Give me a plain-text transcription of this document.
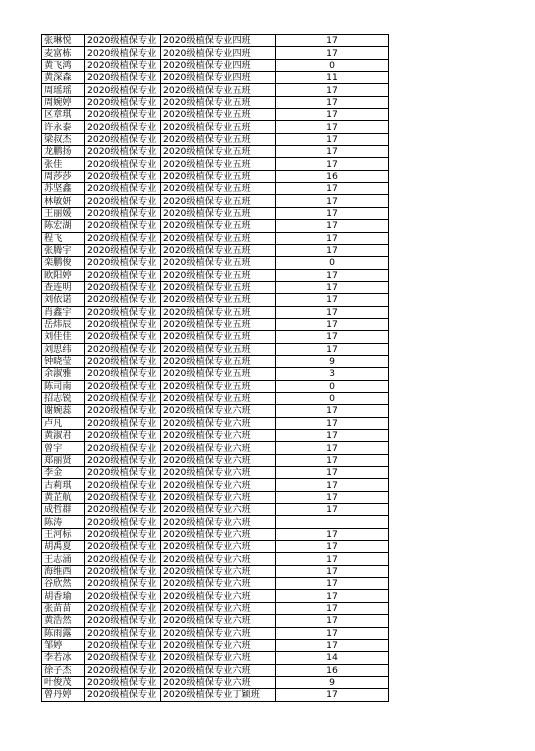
张琳悦	2020级植保专业	2020级植保专业四班	17
麦富栋	2020级植保专业	2020级植保专业四班	17
黄飞鸿	2020级植保专业	2020级植保专业四班	0
黄深森	2020级植保专业	2020级植保专业四班	11
周瑶瑶	2020级植保专业	2020级植保专业五班	17
周婉婷	2020级植保专业	2020级植保专业五班	17
区章琪	2020级植保专业	2020级植保专业五班	17
许永泰	2020级植保专业	2020级植保专业五班	17
梁叔杰	2020级植保专业	2020级植保专业五班	17
龙鹏扬	2020级植保专业	2020级植保专业五班	17
张佳	2020级植保专业	2020级植保专业五班	17
周莎莎	2020级植保专业	2020级植保专业五班	16
苏坚鑫	2020级植保专业	2020级植保专业五班	17
林敏妍	2020级植保专业	2020级植保专业五班	17
王丽媛	2020级植保专业	2020级植保专业五班	17
陈宏湖	2020级植保专业	2020级植保专业五班	17
程飞	2020级植保专业	2020级植保专业五班	17
张腾宇	2020级植保专业	2020级植保专业五班	17
栾鹏俊	2020级植保专业	2020级植保专业五班	0
欧阳婷	2020级植保专业	2020级植保专业五班	17
查连明	2020级植保专业	2020级植保专业五班	17
刘依诺	2020级植保专业	2020级植保专业五班	17
肖鑫宇	2020级植保专业	2020级植保专业五班	17
岳炜辰	2020级植保专业	2020级植保专业五班	17
刘佳佳	2020级植保专业	2020级植保专业五班	17
刘思纬	2020级植保专业	2020级植保专业五班	17
钟晓莹	2020级植保专业	2020级植保专业五班	9
余淑雅	2020级植保专业	2020级植保专业五班	3
陈司南	2020级植保专业	2020级植保专业五班	0
招志锐	2020级植保专业	2020级植保专业五班	0
谢婉蕊	2020级植保专业	2020级植保专业六班	17
卢凡	2020级植保专业	2020级植保专业六班	17
黄淑君	2020级植保专业	2020级植保专业六班	17
曾宇	2020级植保专业	2020级植保专业六班	17
郑丽贤	2020级植保专业	2020级植保专业六班	17
李金	2020级植保专业	2020级植保专业六班	17
古莉琪	2020级植保专业	2020级植保专业六班	17
黄芷航	2020级植保专业	2020级植保专业六班	17
成哲群	2020级植保专业	2020级植保专业六班	17
陈涛	2020级植保专业	2020级植保专业六班	
王河标	2020级植保专业	2020级植保专业六班	17
胡禹夏	2020级植保专业	2020级植保专业六班	17
王志涌	2020级植保专业	2020级植保专业六班	17
海维西	2020级植保专业	2020级植保专业六班	17
谷欣然	2020级植保专业	2020级植保专业六班	17
胡香瑜	2020级植保专业	2020级植保专业六班	17
张苗苗	2020级植保专业	2020级植保专业六班	17
黄浩然	2020级植保专业	2020级植保专业六班	17
陈雨露	2020级植保专业	2020级植保专业六班	17
邹婷	2020级植保专业	2020级植保专业六班	17
李若冰	2020级植保专业	2020级植保专业六班	14
徐子杰	2020级植保专业	2020级植保专业六班	16
叶俊茂	2020级植保专业	2020级植保专业六班	9
曾丹婷	2020级植保专业	2020级植保专业丁颖班	17
